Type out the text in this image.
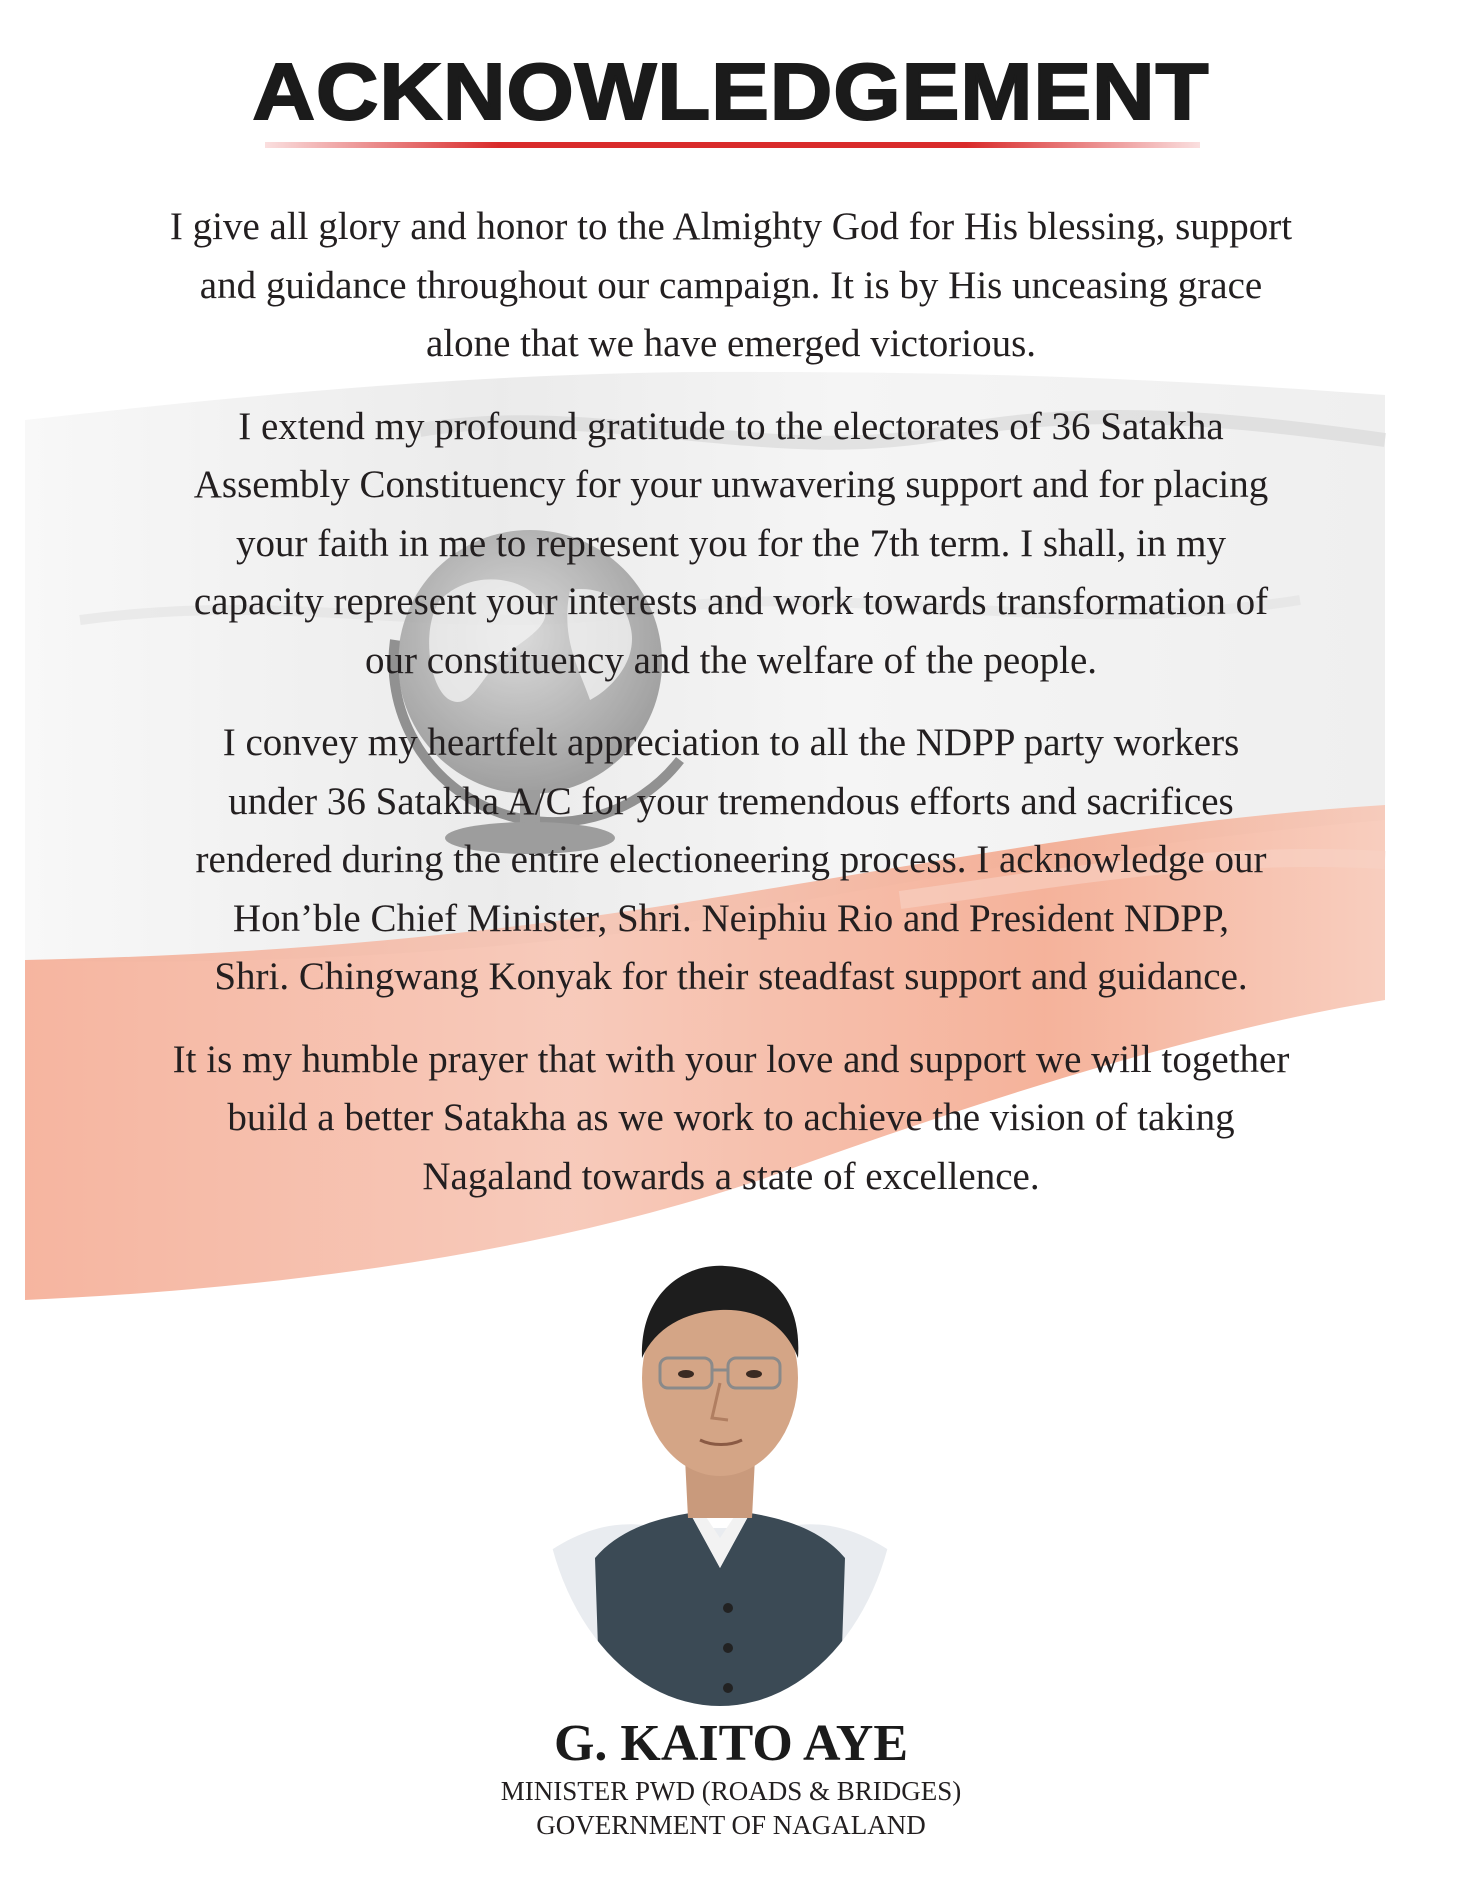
ACKNOWLEDGEMENT

I give all glory and honor to the Almighty God for His blessing, support
and guidance throughout our campaign. It is by His unceasing grace
alone that we have emerged victorious.

I extend my profound gratitude to the electorates of 36 Satakha
Assembly Constituency for your unwavering support and for placing
your faith in me to represent you for the 7th term. I shall, in my
capacity represent your interests and work towards transformation of
our constituency and the welfare of the people.

I convey my heartfelt appreciation to all the NDPP party workers
under 36 Satakha A/C for your tremendous efforts and sacrifices
rendered during the entire electioneering process. I acknowledge our
Hon’ble Chief Minister, Shri. Neiphiu Rio and President NDPP,
Shri. Chingwang Konyak for their steadfast support and guidance.

It is my humble prayer that with your love and support we will together
build a better Satakha as we work to achieve the vision of taking
Nagaland towards a state of excellence.

G. KAITO AYE
MINISTER PWD (ROADS & BRIDGES)
GOVERNMENT OF NAGALAND
